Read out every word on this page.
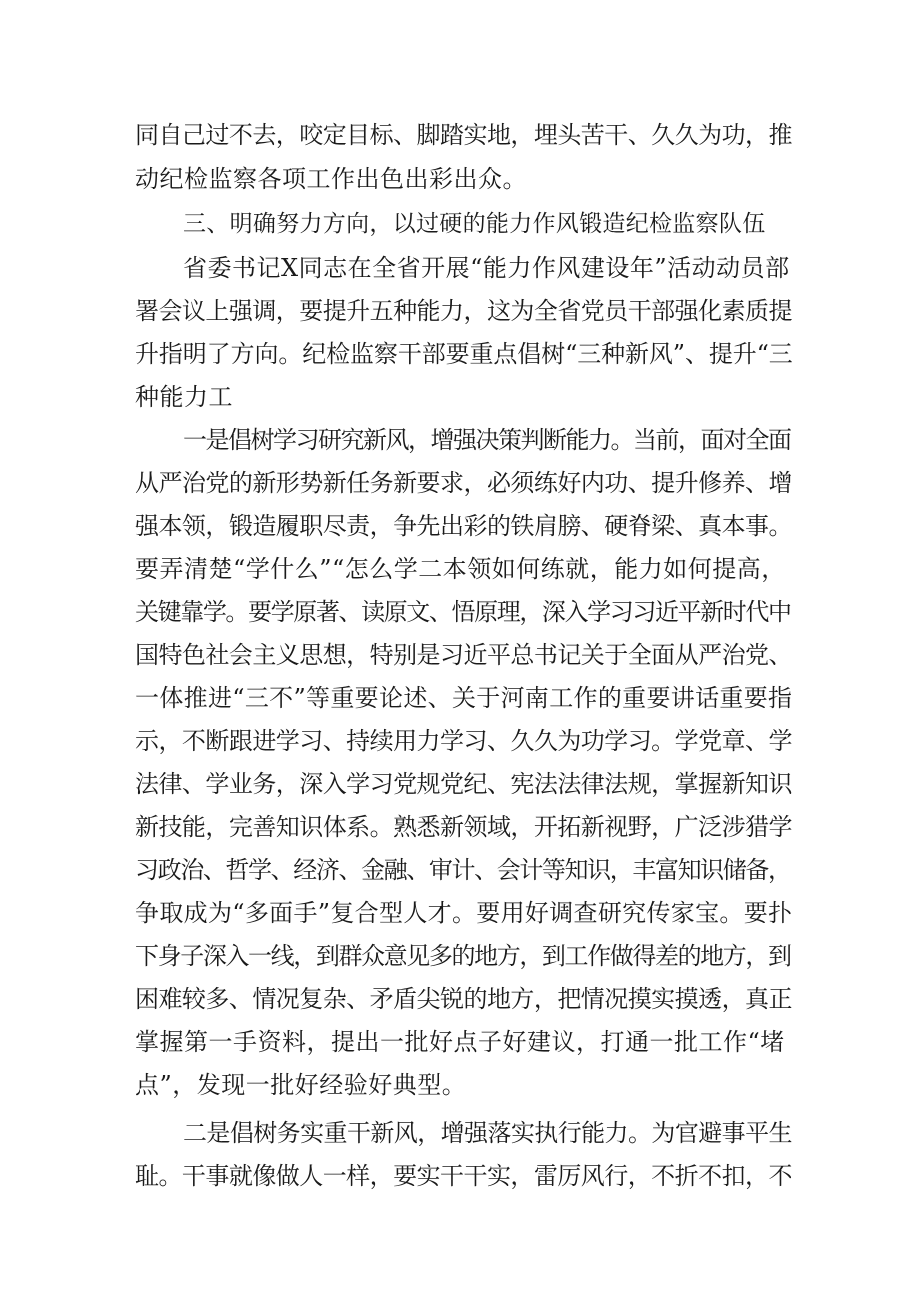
同自己过不去，咬定目标、脚踏实地，埋头苦干、久久为功，推
动纪检监察各项工作出色出彩出众。
三、明确努力方向，以过硬的能力作风锻造纪检监察队伍
省委书记X同志在全省开展“能力作风建设年”活动动员部
署会议上强调，要提升五种能力，这为全省党员干部强化素质提
升指明了方向。纪检监察干部要重点倡树“三种新风”、提升“三
种能力工
一是倡树学习研究新风，增强决策判断能力。当前，面对全面
从严治党的新形势新任务新要求，必须练好内功、提升修养、增
强本领，锻造履职尽责，争先出彩的铁肩膀、硬脊梁、真本事。
要弄清楚“学什么”“怎么学二本领如何练就，能力如何提高，
关键靠学。要学原著、读原文、悟原理，深入学习习近平新时代中
国特色社会主义思想，特别是习近平总书记关于全面从严治党、
一体推进“三不”等重要论述、关于河南工作的重要讲话重要指
示，不断跟进学习、持续用力学习、久久为功学习。学党章、学
法律、学业务，深入学习党规党纪、宪法法律法规，掌握新知识
新技能，完善知识体系。熟悉新领域，开拓新视野，广泛涉猎学
习政治、哲学、经济、金融、审计、会计等知识，丰富知识储备，
争取成为“多面手”复合型人才。要用好调查研究传家宝。要扑
下身子深入一线，到群众意见多的地方，到工作做得差的地方，到
困难较多、情况复杂、矛盾尖锐的地方，把情况摸实摸透，真正
掌握第一手资料，提出一批好点子好建议，打通一批工作“堵
点”，发现一批好经验好典型。
二是倡树务实重干新风，增强落实执行能力。为官避事平生
耻。干事就像做人一样，要实干干实，雷厉风行，不折不扣，不
